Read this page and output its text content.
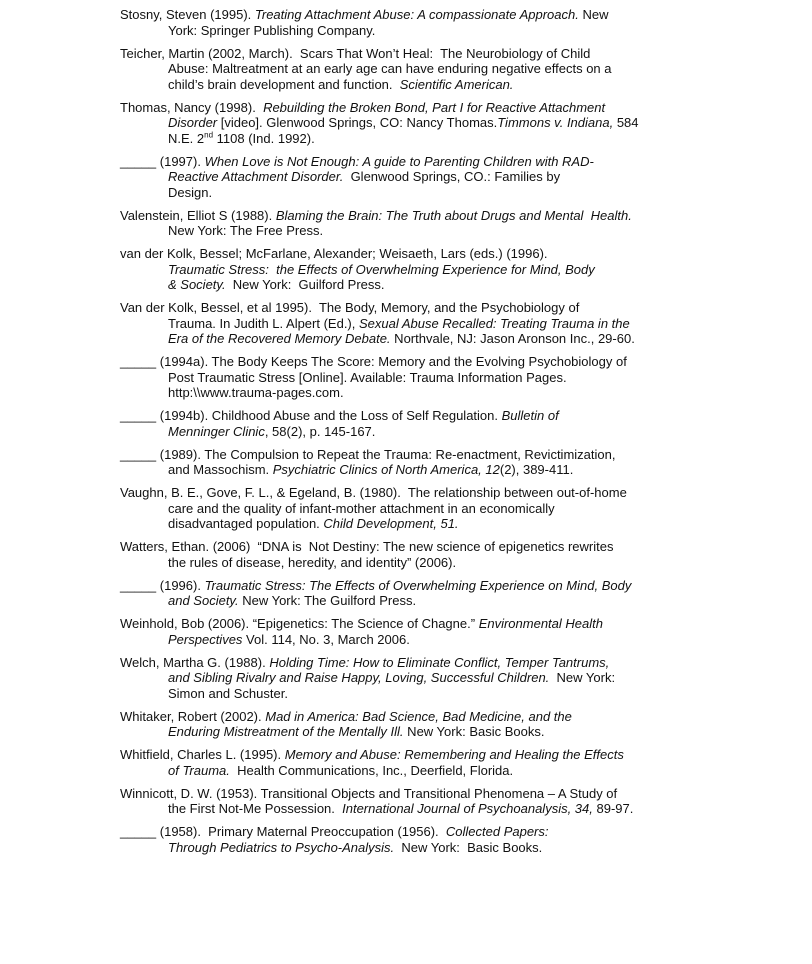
Stosny, Steven (1995). Treating Attachment Abuse: A compassionate Approach. New
York: Springer Publishing Company.

Teicher, Martin (2002, March).  Scars That Won’t Heal:  The Neurobiology of Child
Abuse: Maltreatment at an early age can have enduring negative effects on a
child’s brain development and function.  Scientific American.

Thomas, Nancy (1998).  Rebuilding the Broken Bond, Part I for Reactive Attachment
Disorder [video]. Glenwood Springs, CO: Nancy Thomas.Timmons v. Indiana, 584
N.E. 2nd 1108 (Ind. 1992).

_____ (1997). When Love is Not Enough: A guide to Parenting Children with RAD-
Reactive Attachment Disorder.  Glenwood Springs, CO.: Families by
Design.

Valenstein, Elliot S (1988). Blaming the Brain: The Truth about Drugs and Mental  Health.
New York: The Free Press.

van der Kolk, Bessel; McFarlane, Alexander; Weisaeth, Lars (eds.) (1996).
Traumatic Stress:  the Effects of Overwhelming Experience for Mind, Body
& Society.  New York:  Guilford Press.

Van der Kolk, Bessel, et al 1995).  The Body, Memory, and the Psychobiology of
Trauma. In Judith L. Alpert (Ed.), Sexual Abuse Recalled: Treating Trauma in the
Era of the Recovered Memory Debate. Northvale, NJ: Jason Aronson Inc., 29-60.

_____ (1994a). The Body Keeps The Score: Memory and the Evolving Psychobiology of
Post Traumatic Stress [Online]. Available: Trauma Information Pages.
http:\\www.trauma-pages.com.

_____ (1994b). Childhood Abuse and the Loss of Self Regulation. Bulletin of
Menninger Clinic, 58(2), p. 145-167.

_____ (1989). The Compulsion to Repeat the Trauma: Re-enactment, Revictimization,
and Massochism. Psychiatric Clinics of North America, 12(2), 389-411.

Vaughn, B. E., Gove, F. L., & Egeland, B. (1980).  The relationship between out-of-home
care and the quality of infant-mother attachment in an economically
disadvantaged population. Child Development, 51.

Watters, Ethan. (2006)  “DNA is  Not Destiny: The new science of epigenetics rewrites
the rules of disease, heredity, and identity” (2006).

_____ (1996). Traumatic Stress: The Effects of Overwhelming Experience on Mind, Body
and Society. New York: The Guilford Press.

Weinhold, Bob (2006). “Epigenetics: The Science of Chagne.” Environmental Health
Perspectives Vol. 114, No. 3, March 2006.

Welch, Martha G. (1988). Holding Time: How to Eliminate Conflict, Temper Tantrums,
and Sibling Rivalry and Raise Happy, Loving, Successful Children.  New York:
Simon and Schuster.

Whitaker, Robert (2002). Mad in America: Bad Science, Bad Medicine, and the
Enduring Mistreatment of the Mentally Ill. New York: Basic Books.

Whitfield, Charles L. (1995). Memory and Abuse: Remembering and Healing the Effects
of Trauma.  Health Communications, Inc., Deerfield, Florida.

Winnicott, D. W. (1953). Transitional Objects and Transitional Phenomena – A Study of
the First Not-Me Possession.  International Journal of Psychoanalysis, 34, 89-97.

_____ (1958).  Primary Maternal Preoccupation (1956).  Collected Papers:
Through Pediatrics to Psycho-Analysis.  New York:  Basic Books.
